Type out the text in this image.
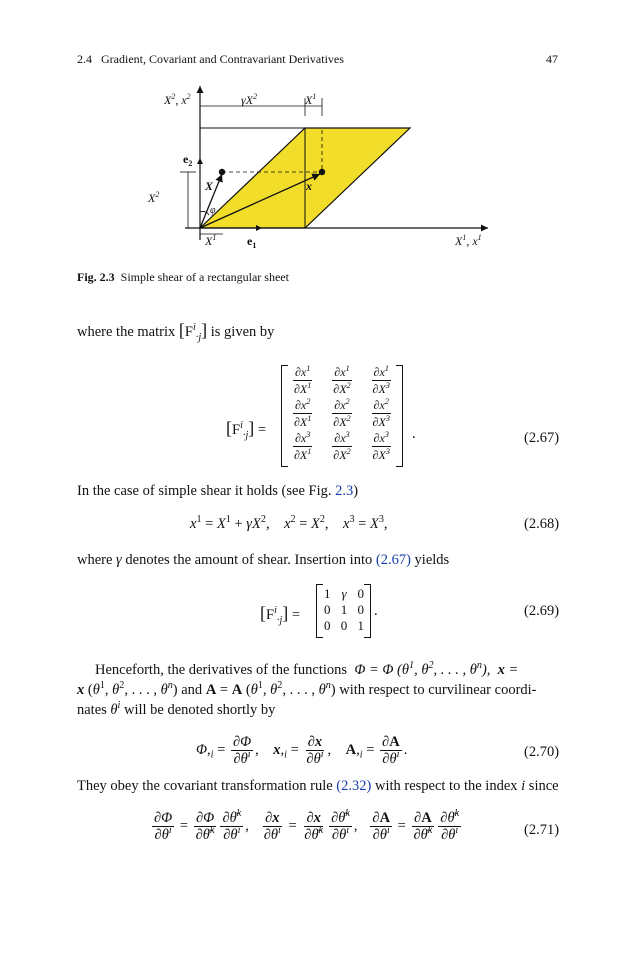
2.4 Gradient, Covariant and Contravariant Derivatives	47
$X^2$, $x^2$	$\gamma X^2$	$X^1$
$X^2$
$e_2$
X	x
φ
$X^1$	$e_1$	$X^1$, $x^1$
Fig. 2.3 Simple shear of a rectangular sheet
where the matrix $[F^i_{\cdot j}]$ is given by
$[F^i_{\cdot j}]$ =
$\frac{\partial x^1}{\partial X^1} \frac{\partial x^1}{\partial X^2} \frac{\partial x^1}{\partial X^3}$
$\frac{\partial x^2}{\partial X^1} \frac{\partial x^2}{\partial X^2} \frac{\partial x^2}{\partial X^3}$
$\frac{\partial x^3}{\partial X^1} \frac{\partial x^3}{\partial X^2} \frac{\partial x^3}{\partial X^3}$ .	(2.67)
In the case of simple shear it holds (see Fig. 2.3)
$x^1 = X^1 + \gamma X^2$,    $x^2 = X^2$,    $x^3 = X^3$,	(2.68)
where γ denotes the amount of shear. Insertion into (2.67) yields
$[F^i_{\cdot j}]$ =
1 γ 0
0 1 0
0 0 1
.	(2.69)
Henceforth, the derivatives of the functions  Φ = Φ ($\theta^1$, $\theta^2$, . . . , $\theta^n$),  x =
x ($\theta^1$, $\theta^2$, . . . , $\theta^n$) and A = A ($\theta^1$, $\theta^2$, . . . , $\theta^n$) with respect to curvilinear coordi-
nates $\theta^i$ will be denoted shortly by
$\Phi,_i = \frac{\partial\Phi}{\partial\theta^i}$ ,    $x,_i = \frac{\partial x}{\partial\theta^i}$ ,    $A,_i = \frac{\partial A}{\partial\theta^i}$ .	(2.70)
They obey the covariant transformation rule (2.32) with respect to the index i since
$\frac{\partial\Phi}{\partial\theta^i} = \frac{\partial\Phi}{\partial\thetā^k} \frac{\partial\thetā^k}{\partial\theta^i}$ , $\frac{\partial x}{\partial\theta^i} = \frac{\partial x}{\partial\thetā^k} \frac{\partial\thetā^k}{\partial\theta^i}$ , $\frac{\partial A}{\partial\theta^i} = \frac{\partial A}{\partial\thetā^k} \frac{\partial\thetā^k}{\partial\theta^i}$	(2.71)
